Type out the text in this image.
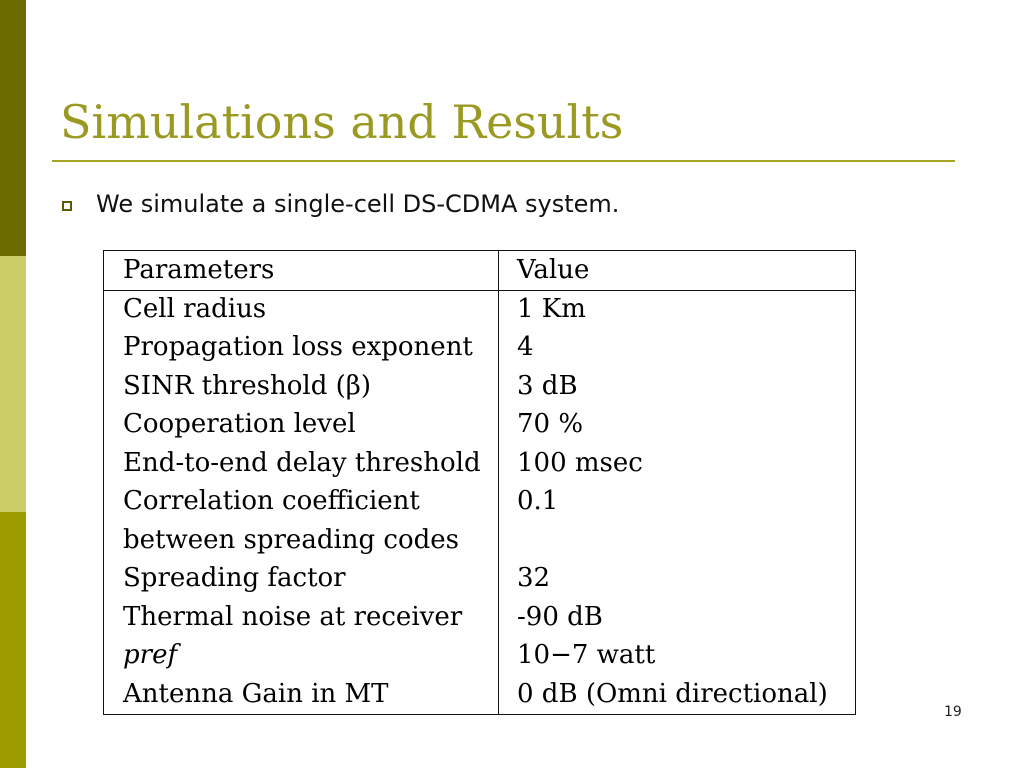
Simulations and Results
We simulate a single-cell DS-CDMA system.
Parameters	Value
Cell radius	1 Km
Propagation loss exponent 4
SINR threshold (β)	3 dB
Cooperation level	70 %
End-to-end delay threshold 100 msec
Correlation coefficient	0.1
between spreading codes
Spreading factor	32
Thermal noise at receiver -90 dB
pref	10−7 watt
Antenna Gain in MT	0 dB (Omni directional)
19
